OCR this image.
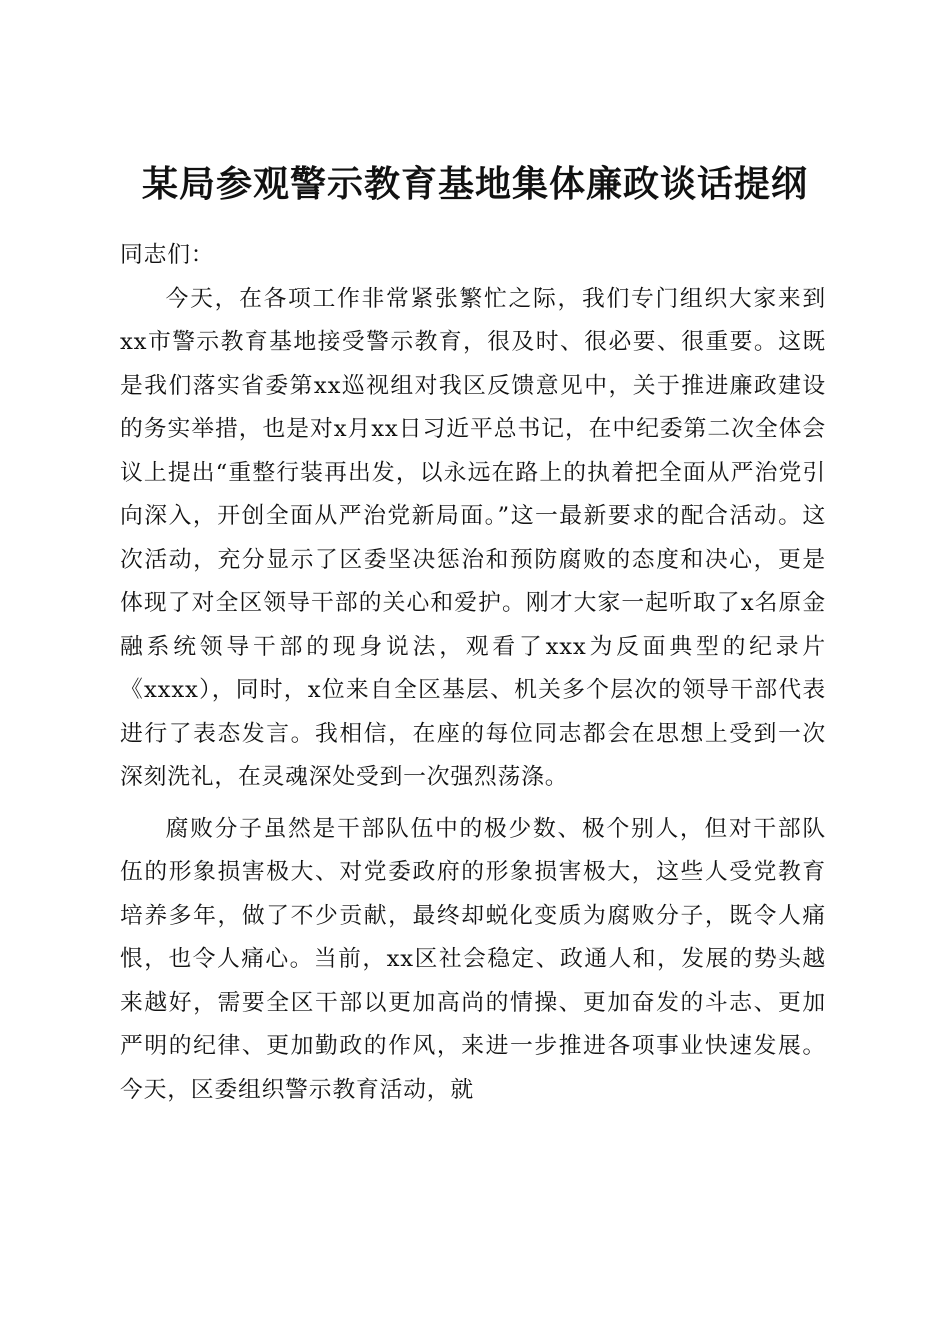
某局参观警示教育基地集体廉政谈话提纲

同志们：

今天，在各项工作非常紧张繁忙之际，我们专门组织大家来到xx市警示教育基地接受警示教育，很及时、很必要、很重要。这既是我们落实省委第xx巡视组对我区反馈意见中，关于推进廉政建设的务实举措，也是对x月xx日习近平总书记，在中纪委第二次全体会议上提出“重整行装再出发，以永远在路上的执着把全面从严治党引向深入，开创全面从严治党新局面。”这一最新要求的配合活动。这次活动，充分显示了区委坚决惩治和预防腐败的态度和决心，更是体现了对全区领导干部的关心和爱护。刚才大家一起听取了x名原金融系统领导干部的现身说法，观看了xxx为反面典型的纪录片《xxxx），同时，x位来自全区基层、机关多个层次的领导干部代表进行了表态发言。我相信，在座的每位同志都会在思想上受到一次深刻洗礼，在灵魂深处受到一次强烈荡涤。

腐败分子虽然是干部队伍中的极少数、极个别人，但对干部队伍的形象损害极大、对党委政府的形象损害极大，这些人受党教育培养多年，做了不少贡献，最终却蜕化变质为腐败分子，既令人痛恨，也令人痛心。当前，xx区社会稳定、政通人和，发展的势头越来越好，需要全区干部以更加高尚的情操、更加奋发的斗志、更加严明的纪律、更加勤政的作风，来进一步推进各项事业快速发展。今天，区委组织警示教育活动，就
